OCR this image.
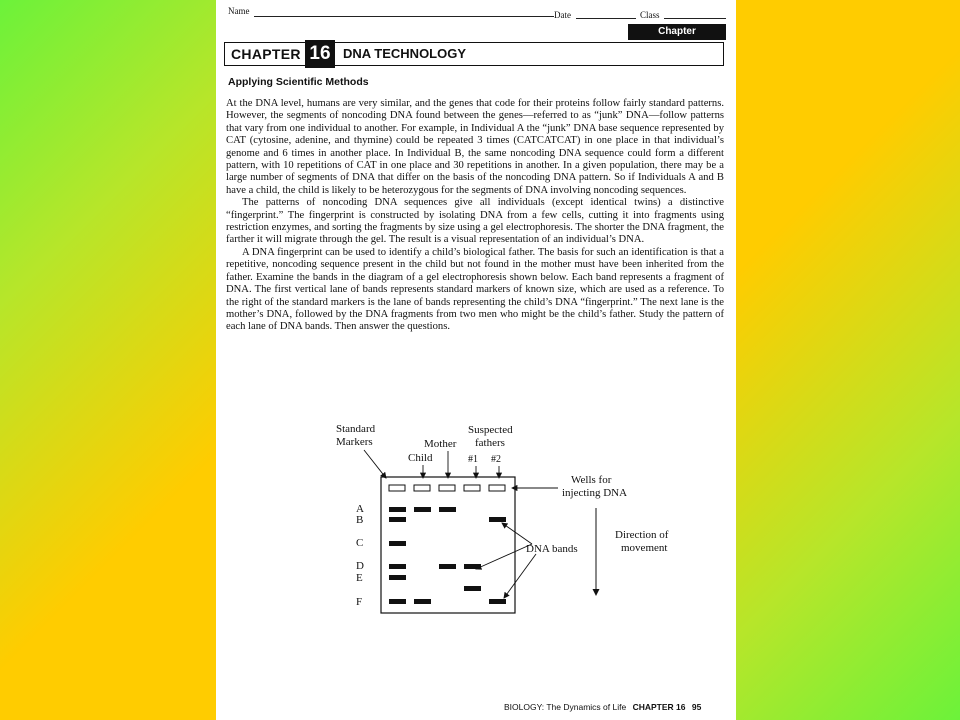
Name	Date	Class
Chapter Assessment
CHAPTER 16 DNA TECHNOLOGY
Applying Scientific Methods

At the DNA level, humans are very similar, and the genes that code for their proteins follow fairly standard patterns. However, the segments of noncoding DNA found between the genes—referred to as “junk” DNA—follow patterns that vary from one individual to another. For example, in Individual A the “junk” DNA base sequence represented by CAT (cytosine, adenine, and thymine) could be repeated 3 times (CATCATCAT) in one place in that individual’s genome and 6 times in another place. In Individual B, the same noncoding DNA sequence could form a different pattern, with 10 repetitions of CAT in one place and 30 repetitions in another. In a given population, there may be a large number of segments of DNA that differ on the basis of the noncoding DNA pattern. So if Individuals A and B have a child, the child is likely to be heterozygous for the segments of DNA involving noncoding sequences.

The patterns of noncoding DNA sequences give all individuals (except identical twins) a distinctive “fingerprint.” The fingerprint is constructed by isolating DNA from a few cells, cutting it into fragments using restriction enzymes, and sorting the fragments by size using a gel electrophoresis. The shorter the DNA fragment, the farther it will migrate through the gel. The result is a visual representation of an individual’s DNA.

A DNA fingerprint can be used to identify a child’s biological father. The basis for such an identification is that a repetitive, noncoding sequence present in the child but not found in the mother must have been inherited from the father. Examine the bands in the diagram of a gel electrophoresis shown below. Each band represents a fragment of DNA. The first vertical lane of bands represents standard markers of known size, which are used as a reference. To the right of the standard markers is the lane of bands representing the child’s DNA “fingerprint.” The next lane is the mother’s DNA, followed by the DNA fragments from two men who might be the child’s father. Study the pattern of each lane of DNA bands. Then answer the questions.

Standard
Markers
Child
Mother
Suspected
fathers
#1 #2
Wells for
injecting DNA
A
B
C
D
E
F
DNA bands
Direction of
movement
BIOLOGY: The Dynamics of Life CHAPTER 16 95
